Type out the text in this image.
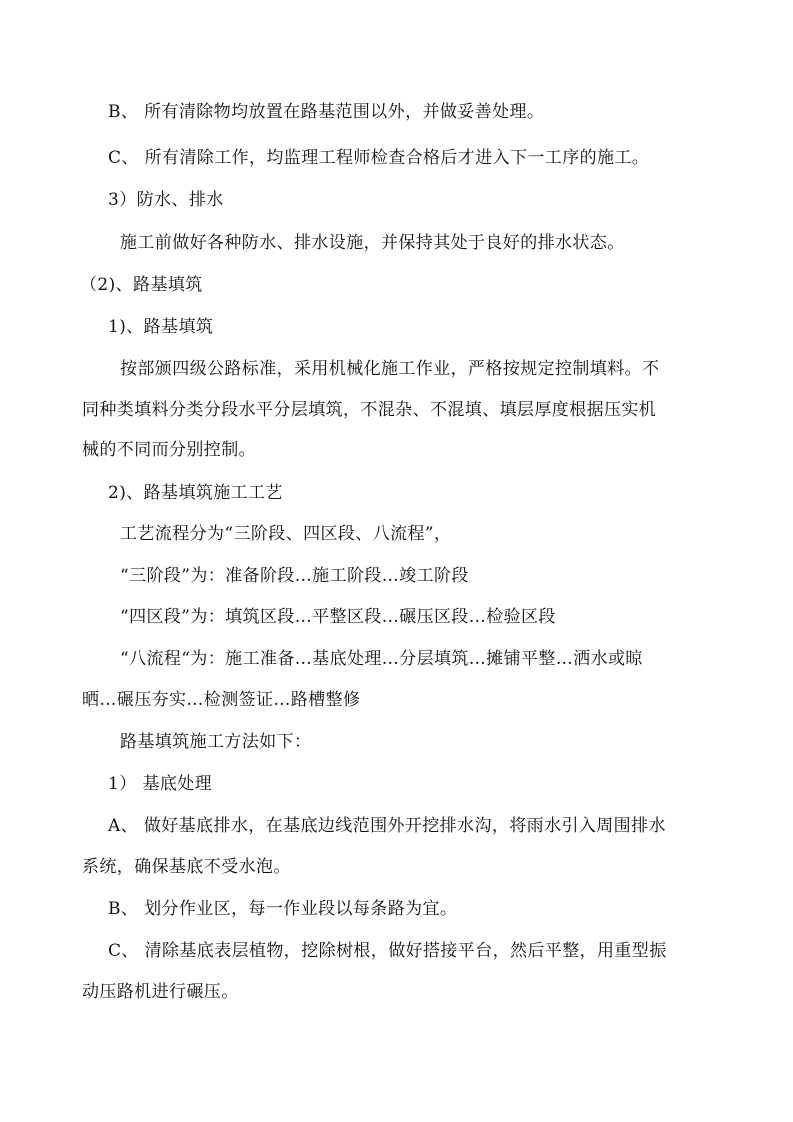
B、 所有清除物均放置在路基范围以外，并做妥善处理。
C、 所有清除工作，均监理工程师检查合格后才进入下一工序的施工。
3）防水、排水
施工前做好各种防水、排水设施，并保持其处于良好的排水状态。
（2)、路基填筑
1)、路基填筑
按部颁四级公路标准，采用机械化施工作业，严格按规定控制填料。不
同种类填料分类分段水平分层填筑，不混杂、不混填、填层厚度根据压实机
械的不同而分别控制。
2)、路基填筑施工工艺
工艺流程分为“三阶段、四区段、八流程”，
“三阶段”为：准备阶段…施工阶段…竣工阶段
“四区段”为：填筑区段…平整区段…碾压区段…检验区段
“八流程“为：施工准备…基底处理…分层填筑…摊铺平整…洒水或晾
晒…碾压夯实…检测签证…路槽整修
路基填筑施工方法如下：
1） 基底处理
A、 做好基底排水，在基底边线范围外开挖排水沟，将雨水引入周围排水
系统，确保基底不受水泡。
B、 划分作业区，每一作业段以每条路为宜。
C、 清除基底表层植物，挖除树根，做好搭接平台，然后平整，用重型振
动压路机进行碾压。
